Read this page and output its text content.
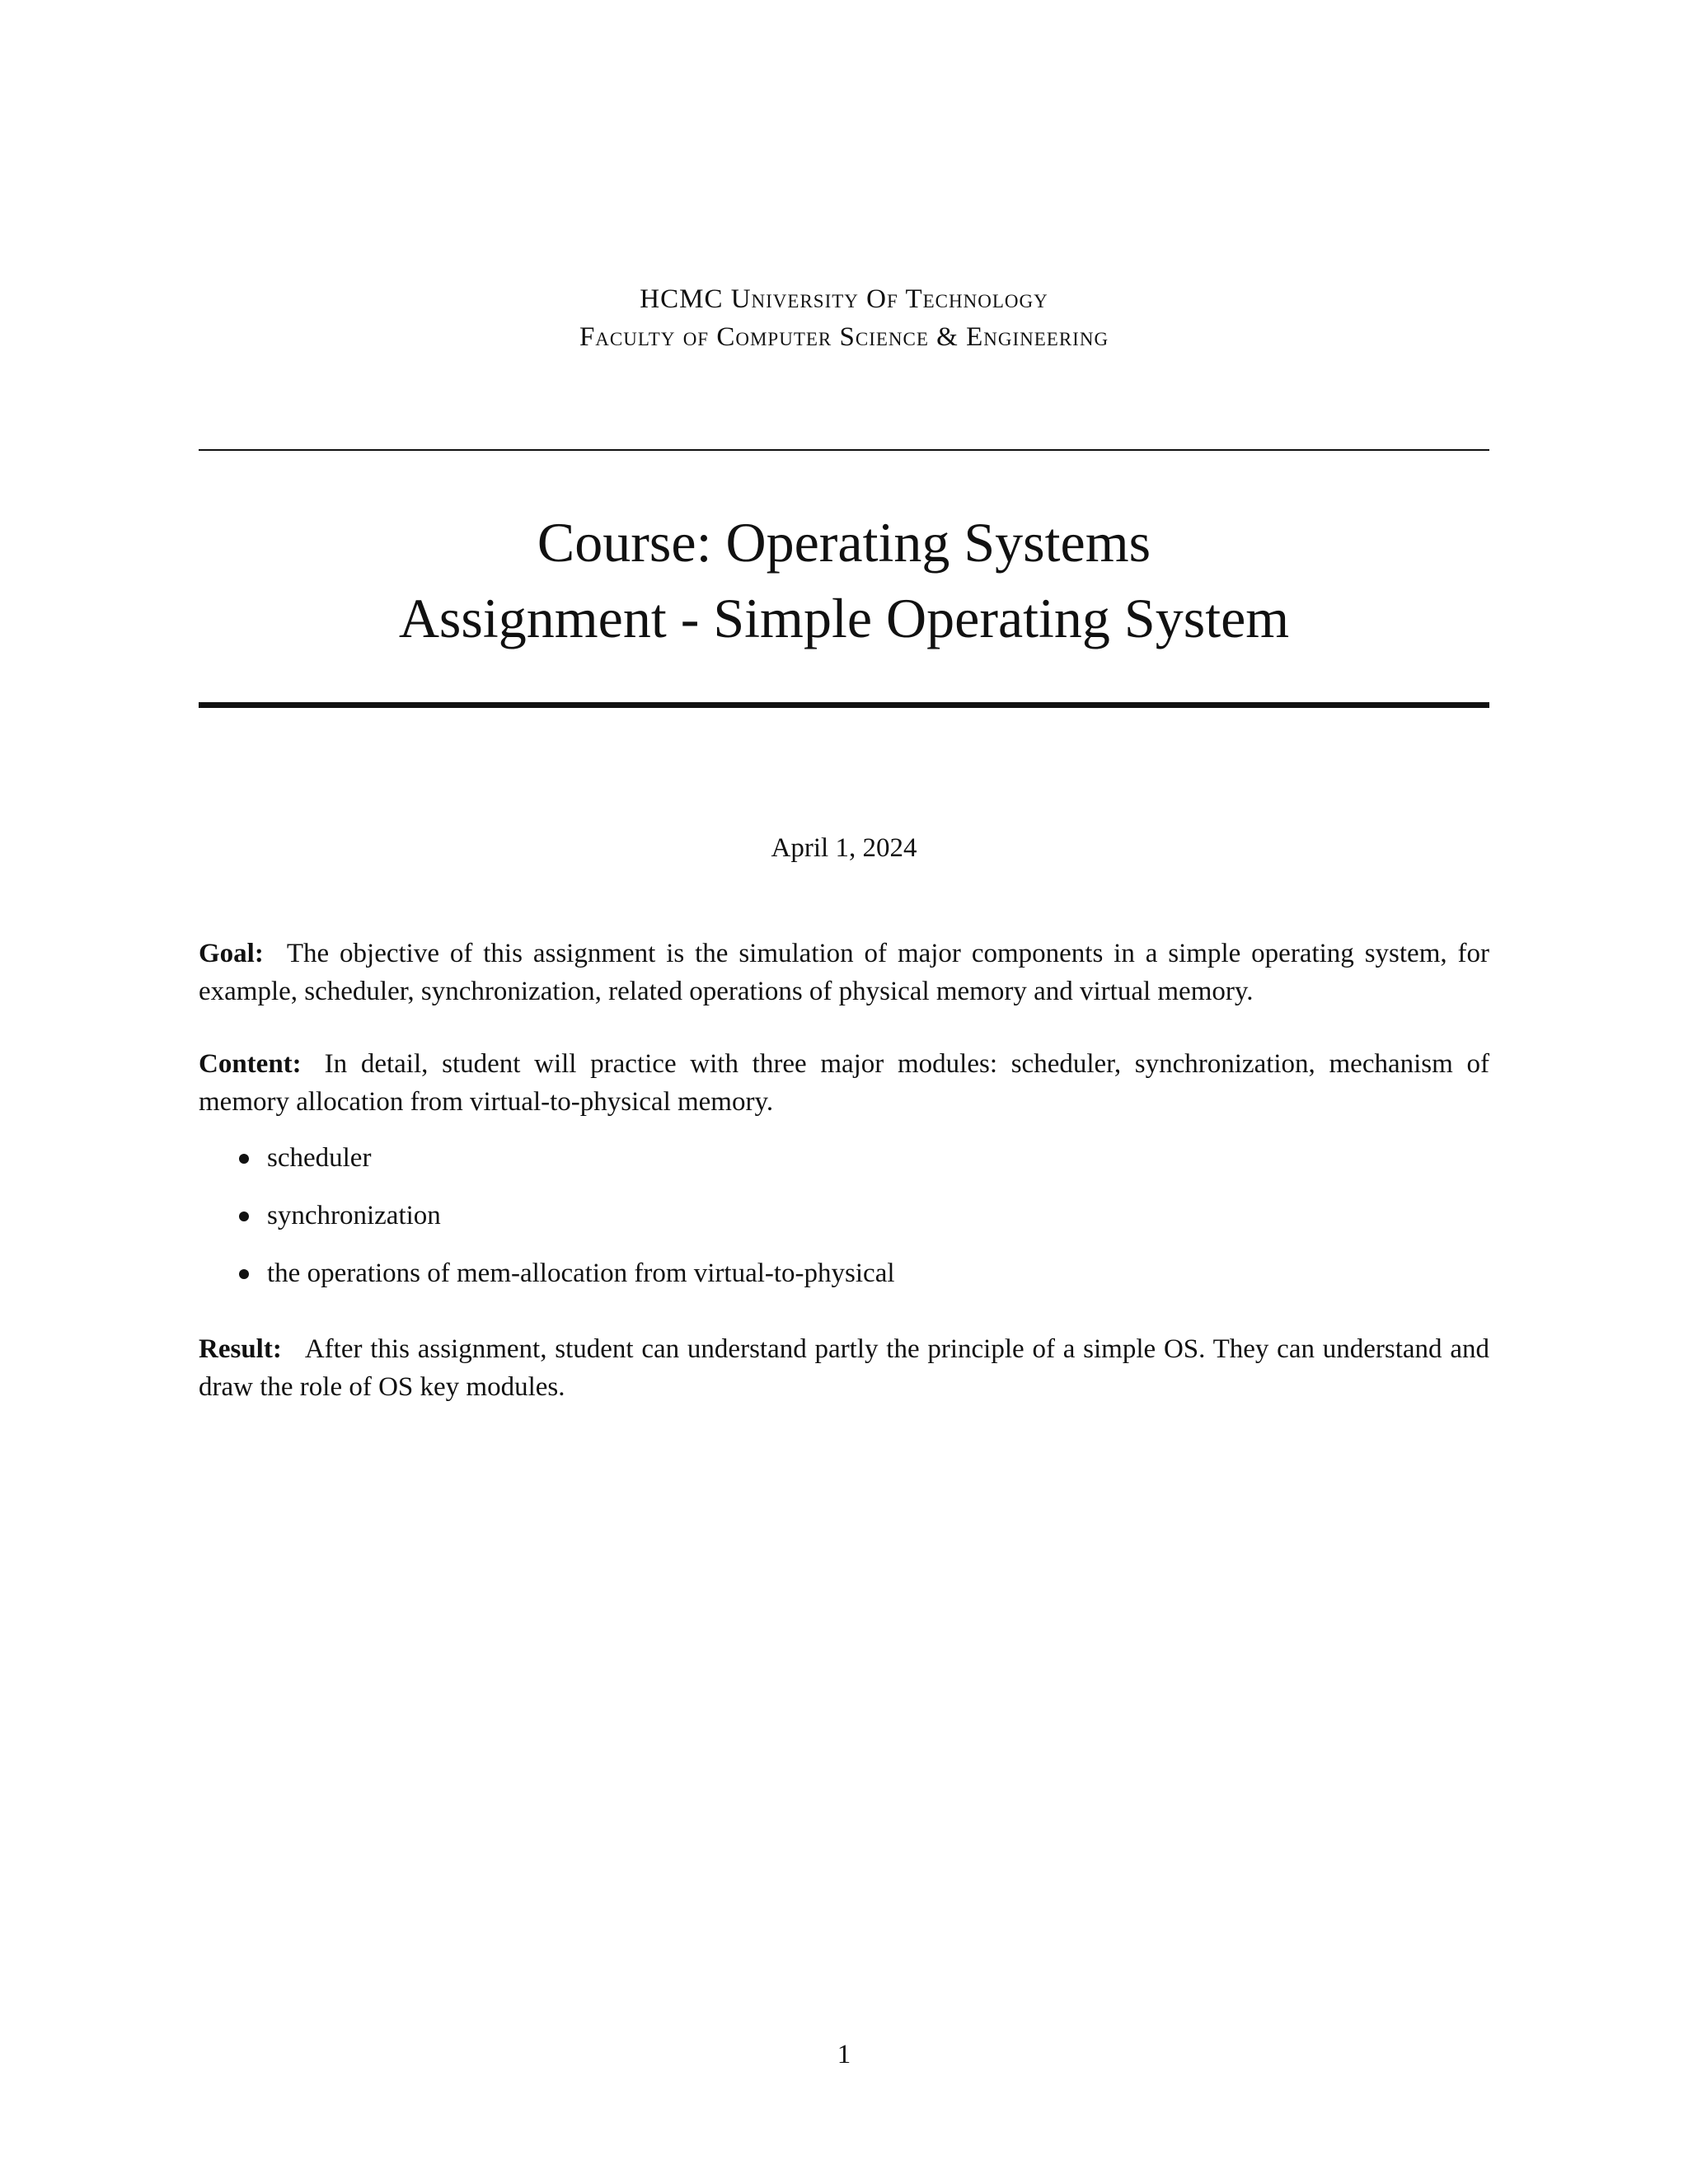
HCMC University Of Technology
Faculty of Computer Science & Engineering
Course: Operating Systems
Assignment - Simple Operating System
April 1, 2024
Goal: The objective of this assignment is the simulation of major components in a simple operating system, for example, scheduler, synchronization, related operations of physical memory and virtual memory.
Content: In detail, student will practice with three major modules: scheduler, synchronization, mechanism of memory allocation from virtual-to-physical memory.
scheduler
synchronization
the operations of mem-allocation from virtual-to-physical
Result: After this assignment, student can understand partly the principle of a simple OS. They can understand and draw the role of OS key modules.
1
